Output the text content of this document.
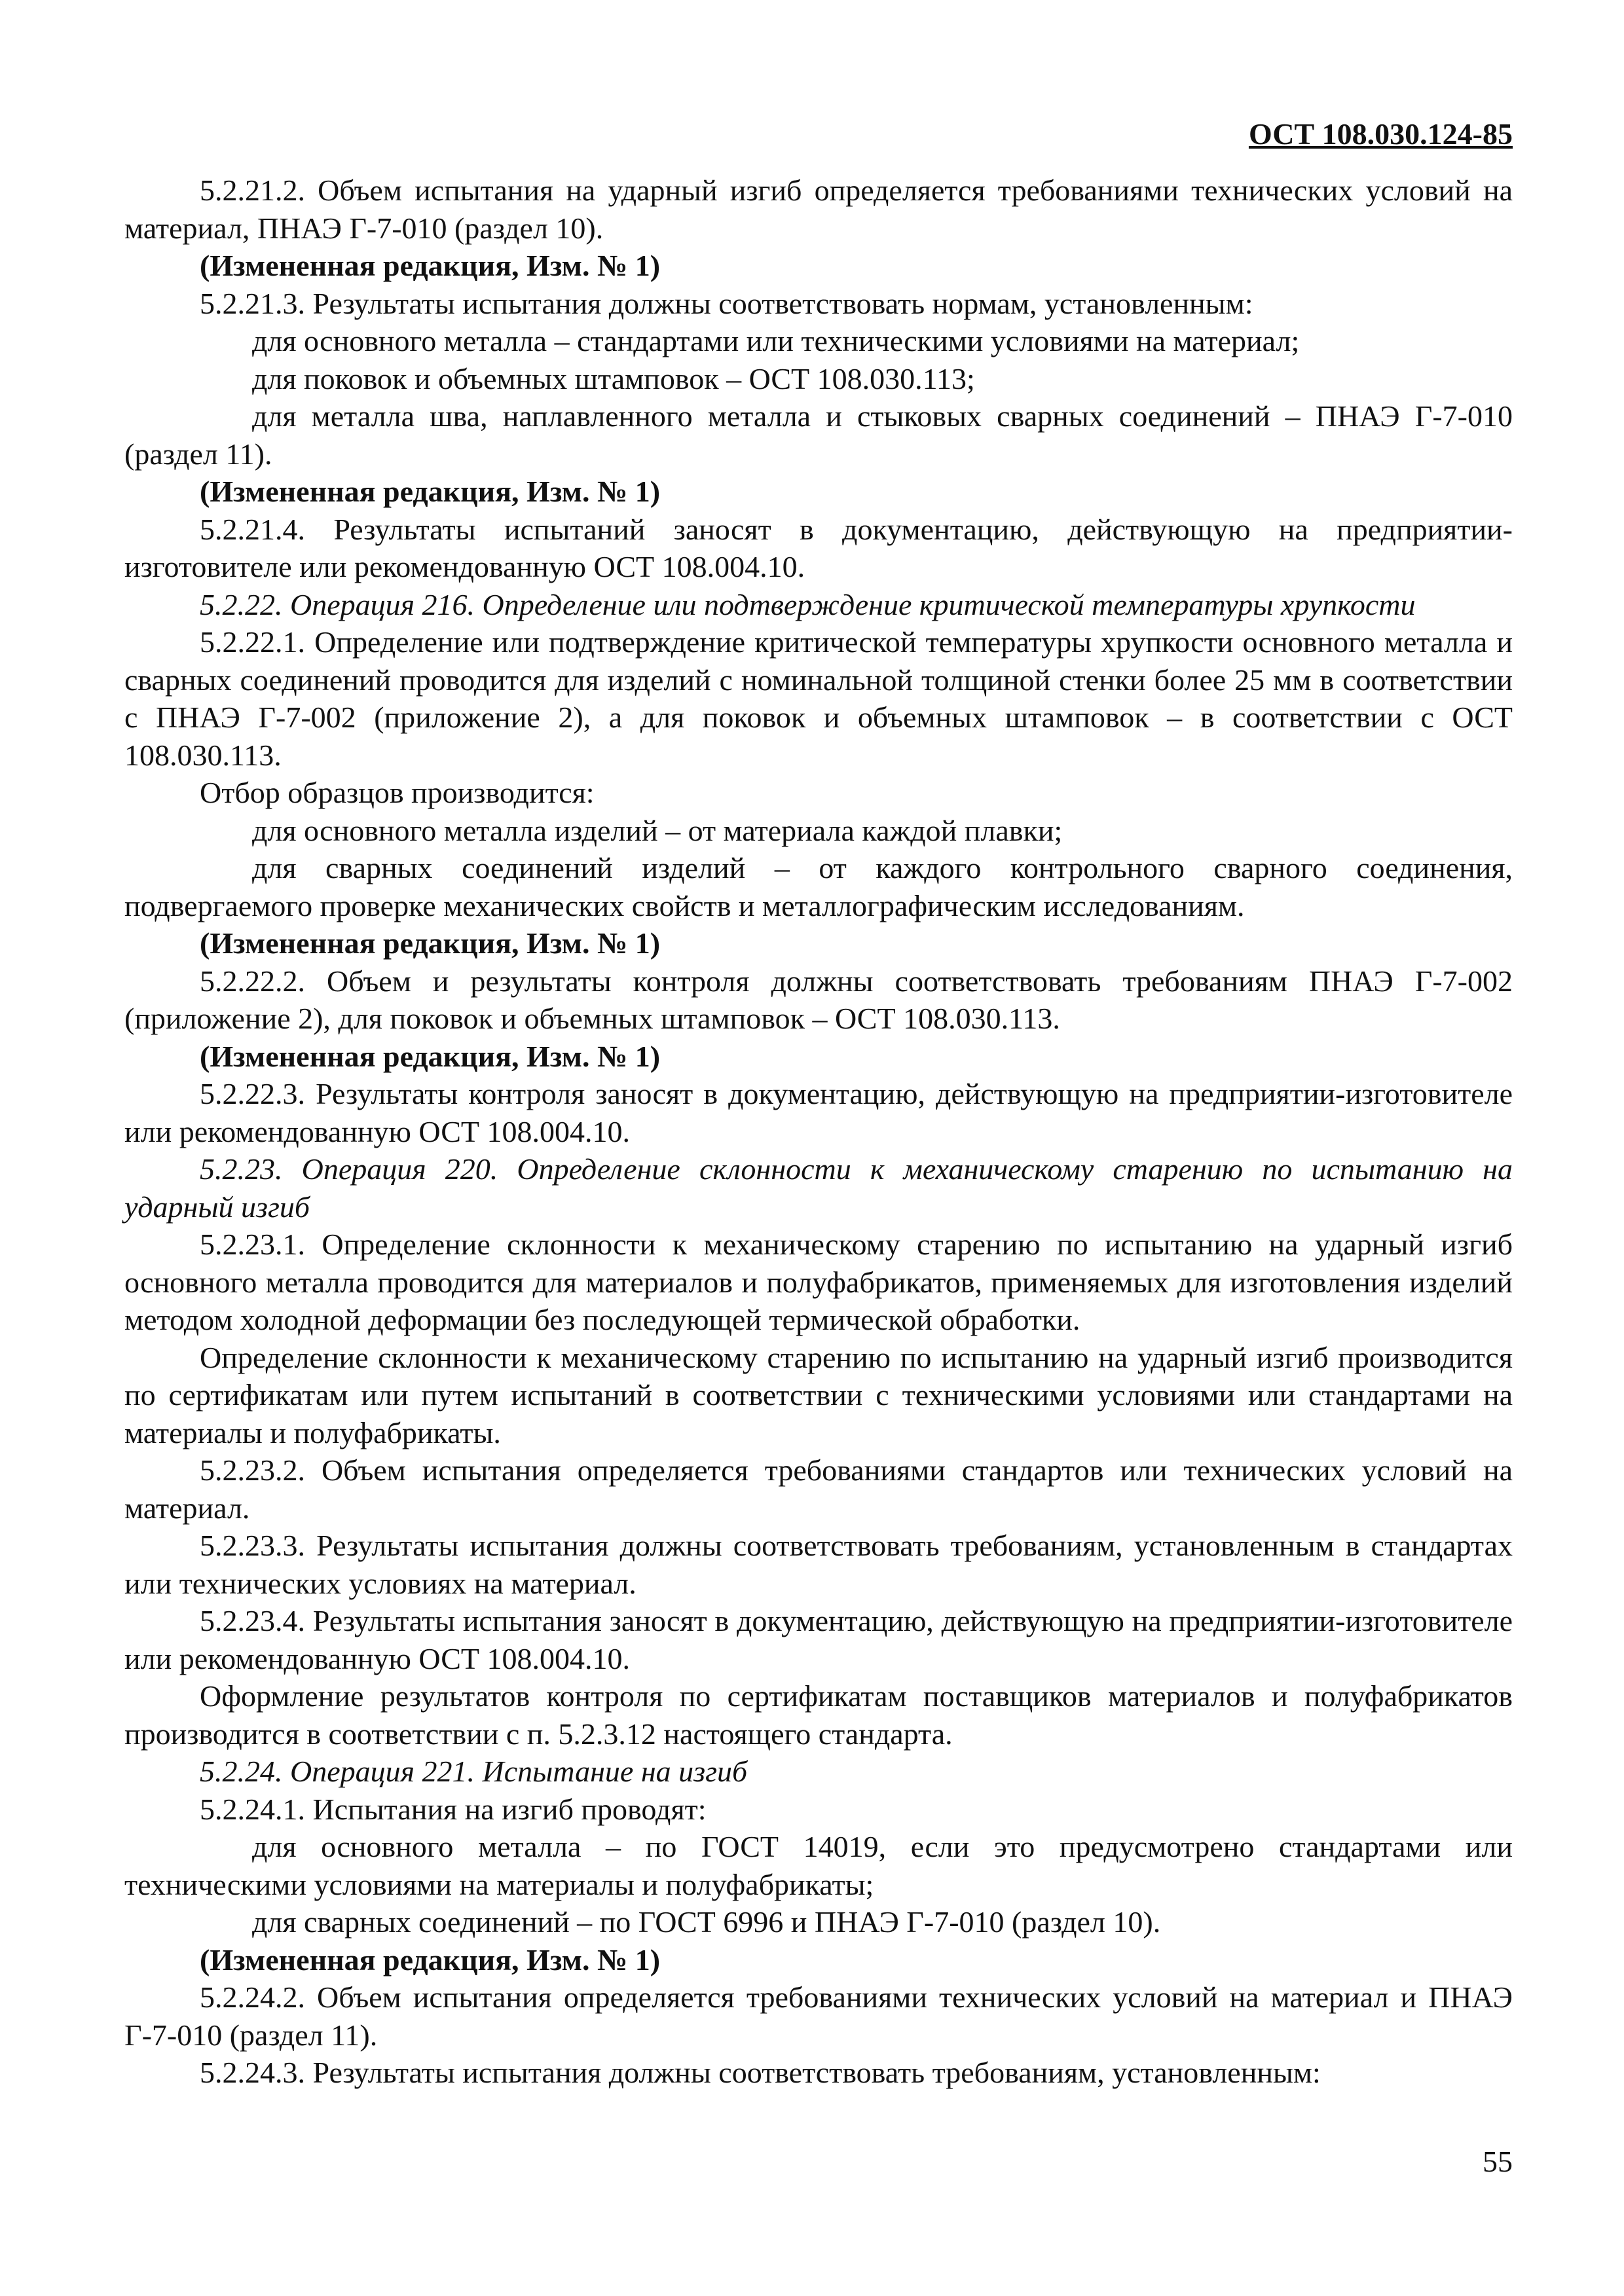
ОСТ 108.030.124-85

5.2.21.2. Объем испытания на ударный изгиб определяется требованиями технических условий на материал, ПНАЭ Г-7-010 (раздел 10).

(Измененная редакция, Изм. № 1)

5.2.21.3. Результаты испытания должны соответствовать нормам, установленным:

для основного металла – стандартами или техническими условиями на материал;

для поковок и объемных штамповок – ОСТ 108.030.113;

для металла шва, наплавленного металла и стыковых сварных соединений – ПНАЭ Г-7-010 (раздел 11).

(Измененная редакция, Изм. № 1)

5.2.21.4. Результаты испытаний заносят в документацию, действующую на предприятии-изготовителе или рекомендованную ОСТ 108.004.10.

5.2.22. Операция 216. Определение или подтверждение критической температуры хрупкости

5.2.22.1. Определение или подтверждение критической температуры хрупкости основного металла и сварных соединений проводится для изделий с номинальной толщиной стенки более 25 мм в соответствии с ПНАЭ Г-7-002 (приложение 2), а для поковок и объемных штамповок – в соответствии с ОСТ 108.030.113.

Отбор образцов производится:

для основного металла изделий – от материала каждой плавки;

для сварных соединений изделий – от каждого контрольного сварного соединения, подвергаемого проверке механических свойств и металлографическим исследованиям.

(Измененная редакция, Изм. № 1)

5.2.22.2. Объем и результаты контроля должны соответствовать требованиям ПНАЭ Г-7-002 (приложение 2), для поковок и объемных штамповок – ОСТ 108.030.113.

(Измененная редакция, Изм. № 1)

5.2.22.3. Результаты контроля заносят в документацию, действующую на предприятии-изготовителе или рекомендованную ОСТ 108.004.10.

5.2.23. Операция 220. Определение склонности к механическому старению по испытанию на ударный изгиб

5.2.23.1. Определение склонности к механическому старению по испытанию на ударный изгиб основного металла проводится для материалов и полуфабрикатов, применяемых для изготовления изделий методом холодной деформации без последующей термической обработки.

Определение склонности к механическому старению по испытанию на ударный изгиб производится по сертификатам или путем испытаний в соответствии с техническими условиями или стандартами на материалы и полуфабрикаты.

5.2.23.2. Объем испытания определяется требованиями стандартов или технических условий на материал.

5.2.23.3. Результаты испытания должны соответствовать требованиям, установленным в стандартах или технических условиях на материал.

5.2.23.4. Результаты испытания заносят в документацию, действующую на предприятии-изготовителе или рекомендованную ОСТ 108.004.10.

Оформление результатов контроля по сертификатам поставщиков материалов и полуфабрикатов производится в соответствии с п. 5.2.3.12 настоящего стандарта.

5.2.24. Операция 221. Испытание на изгиб

5.2.24.1. Испытания на изгиб проводят:

для основного металла – по ГОСТ 14019, если это предусмотрено стандартами или техническими условиями на материалы и полуфабрикаты;

для сварных соединений – по ГОСТ 6996 и ПНАЭ Г-7-010 (раздел 10).

(Измененная редакция, Изм. № 1)

5.2.24.2. Объем испытания определяется требованиями технических условий на материал и ПНАЭ Г-7-010 (раздел 11).

5.2.24.3. Результаты испытания должны соответствовать требованиям, установленным:

55
